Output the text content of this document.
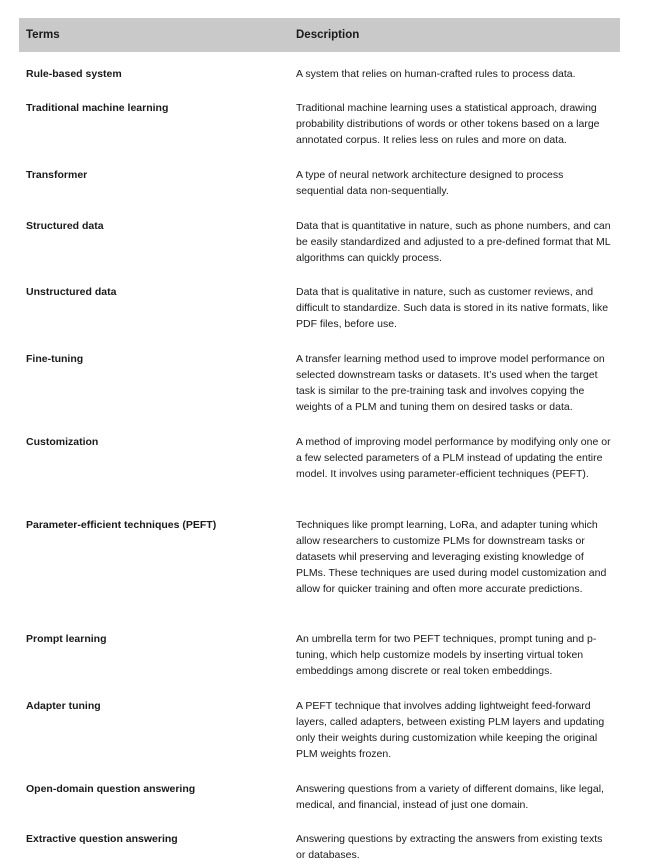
Terms	Description
Rule-based system	A system that relies on human-crafted rules to process data.
Traditional machine learning	Traditional machine learning uses a statistical approach, drawing probability distributions of words or other tokens based on a large annotated corpus. It relies less on rules and more on data.
Transformer	A type of neural network architecture designed to process sequential data non-sequentially.
Structured data	Data that is quantitative in nature, such as phone numbers, and can be easily standardized and adjusted to a pre-defined format that ML algorithms can quickly process.
Unstructured data	Data that is qualitative in nature, such as customer reviews, and difficult to standardize. Such data is stored in its native formats, like PDF files, before use.
Fine-tuning	A transfer learning method used to improve model performance on selected downstream tasks or datasets. It’s used when the target task is similar to the pre-training task and involves copying the weights of a PLM and tuning them on desired tasks or data.
Customization	A method of improving model performance by modifying only one or a few selected parameters of a PLM instead of updating the entire model. It involves using parameter-efficient techniques (PEFT).
Parameter-efficient techniques (PEFT)	Techniques like prompt learning, LoRa, and adapter tuning which allow researchers to customize PLMs for downstream tasks or datasets whil preserving and leveraging existing knowledge of PLMs. These techniques are used during model customization and allow for quicker training and often more accurate predictions.
Prompt learning	An umbrella term for two PEFT techniques, prompt tuning and p-tuning, which help customize models by inserting virtual token embeddings among discrete or real token embeddings.
Adapter tuning	A PEFT technique that involves adding lightweight feed-forward layers, called adapters, between existing PLM layers and updating only their weights during customization while keeping the original PLM weights frozen.
Open-domain question answering	Answering questions from a variety of different domains, like legal, medical, and financial, instead of just one domain.
Extractive question answering	Answering questions by extracting the answers from existing texts or databases.
